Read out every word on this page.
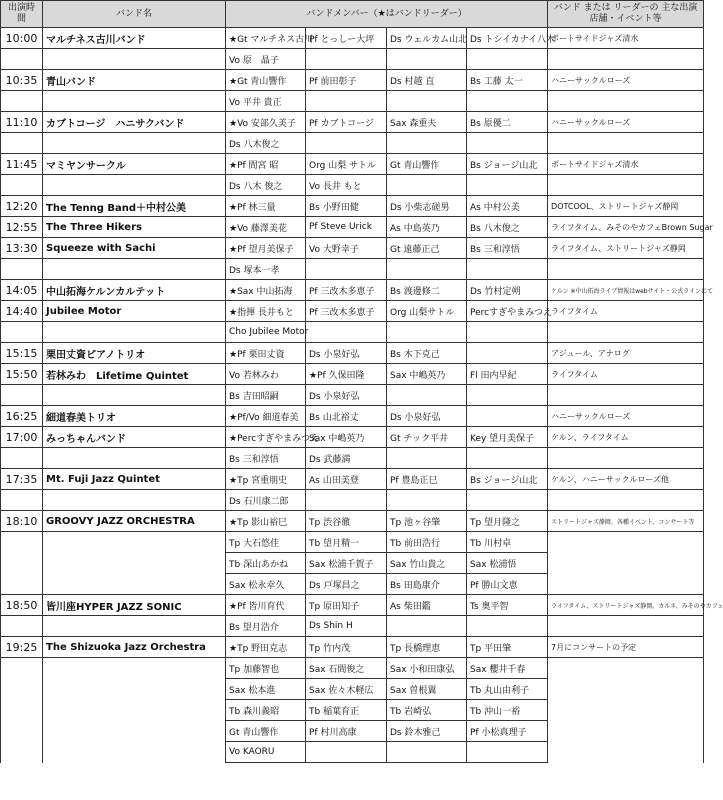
出演時間	バンド名	バンドメンバー（★はバンドリーダー）				バンド または リーダーの 主な出演店舗・イベント等
10:00	マルチネス古川バンド	★Gt マルチネス古川	Pf とっしー大坪	Ds ウェルカム山北	Ds トシイカナイ八木	ポートサイドジャズ清水
		Vo 原　晶子				
10:35	青山バンド	★Gt 青山響作	Pf 前田彰子	Ds 村越 直	Bs 工藤 太一	ハニーサックルローズ
		Vo 平井 貴正				
11:10	カブトコージ　ハニサクバンド	★Vo 安部久美子	Pf カブトコージ	Sax 森重夫	Bs 原優二	ハニーサックルローズ
		Ds 八木俊之				
11:45	マミヤンサークル	★Pf 間宮 昭	Org 山梨 サトル	Gt 青山響作	Bs ジョージ山北	ポートサイドジャズ清水
		Ds 八木 俊之	Vo 長井 もと			
12:20	The Tenng Band＋中村公美	★Pf 林三量	Bs 小野田健	Ds 小柴志磋男	As 中村公美	DOTCOOL、ストリートジャズ静岡
12:55	The Three Hikers	★Vo 藤澤美花	Pf Steve Urick	As 中島英乃	Bs 八木俊之	ライフタイム、みそのやカフェBrown Sugar
13:30	Squeeze with Sachi	★Pf 望月美保子	Vo 大野幸子	Gt 遠藤正己	Bs 三和淳悟	ライフタイム、ストリートジャズ静岡
		Ds 塚本一孝				
14:05	中山拓海ケルンカルテット	★Sax 中山拓海	Pf 三改木多恵子	Bs 渡邊修二	Ds 竹村定朔	ケルン ※中山拓海ライブ情報はwebサイト・公式ラインにて
14:40	Jubilee Motor	★指揮 長井もと	Pf 三改木多恵子	Org 山梨サトル	Percすぎやまみつえ	ライフタイム
		Cho Jubilee Motor				
15:15	栗田丈資ピアノトリオ	★Pf 栗田丈資	Ds 小泉好弘	Bs 木下克己		アジュール、アナログ
15:50	若林みわ　Lifetime Quintet	Vo 若林みわ	★Pf 久保田隆	Sax 中嶋英乃	Fl 田内早紀	ライフタイム
		Bs 吉田昭嗣	Ds 小泉好弘			
16:25	細道春美トリオ	★Pf/Vo 細道春美	Bs 山北裕丈	Ds 小泉好弘		ハニーサックルローズ
17:00	みっちゃんバンド	★Percすぎやまみつえ	Sax 中嶋英乃	Gt チック平井	Key 望月美保子	ケルン、ライフタイム
		Bs 三和淳悟	Ds 武藤満			
17:35	Mt. Fuji Jazz Quintet	★Tp 宮重朋史	As 山田美登	Pf 豊島正巳	Bs ジョージ山北	ケルン、ハニーサックルローズ他
		Ds 石川康二郎				
18:10	GROOVY JAZZ ORCHESTRA	★Tp 影山裕巳	Tp 渋谷徹	Tp 池ヶ谷肇	Tp 望月隆之	ストリートジャズ静岡、各種イベント、コンサート等
		Tp 大石悠佳	Tb 望月精一	Tb 前田浩行	Tb 川村卓	
		Tb 深山あかね	Sax 松浦千賀子	Sax 竹山貴之	Sax 松浦悟	
		Sax 松永幸久	Ds 戸塚昌之	Bs 田島康介	Pf 勝山文恵	
18:50	皆川座HYPER JAZZ SONIC	★Pf 皆川育代	Tp 原田知子	As 柴田鑑	Ts 奥平智	ライフタイム、ストリートジャズ静岡、カルネ、みそのやカフェ
		Bs 望月浩介	Ds Shin H			
19:25	The Shizuoka Jazz Orchestra	★Tp 野田克志	Tp 竹内茂	Tp 長橋理恵	Tp 平田肇	7月にコンサートの予定
		Tp 加藤智也	Sax 石間俊之	Sax 小和田康弘	Sax 櫻井千春	
		Sax 松本進	Sax 佐々木軽広	Sax 曽根翼	Tb 丸山由利子	
		Tb 森川義昭	Tb 稲葉育正	Tb 岩崎弘	Tb 沖山一裕	
		Gt 青山響作	Pf 村川高康	Ds 鈴木雅己	Pf 小松真理子	
		Vo KAORU				
